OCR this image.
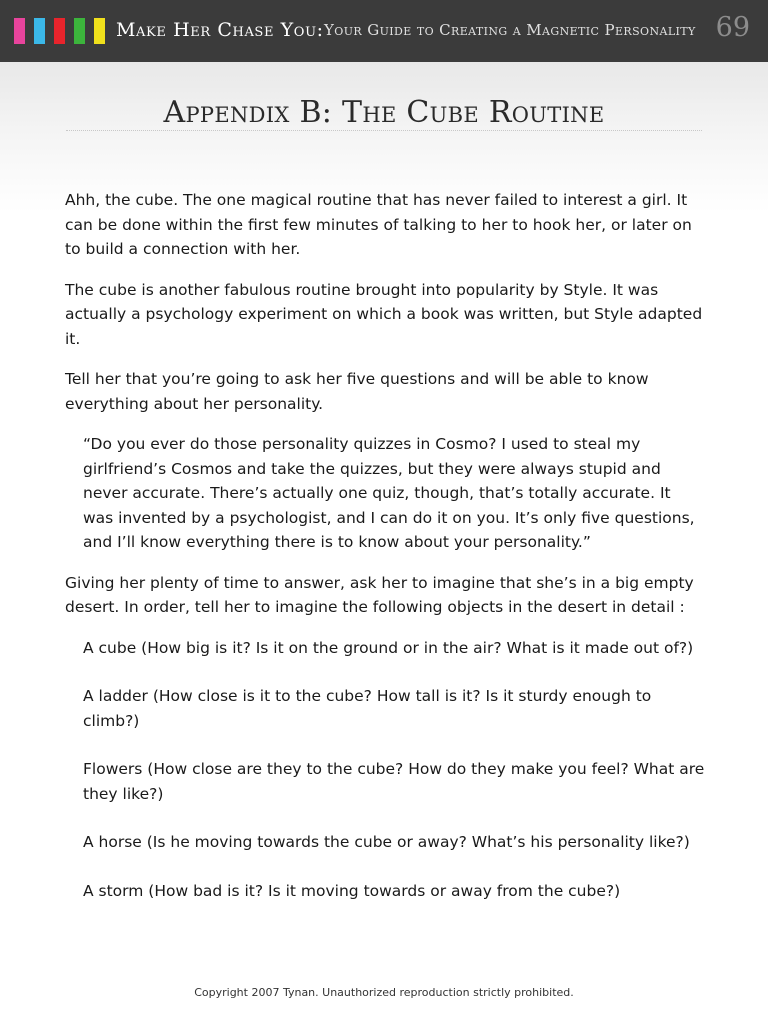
Make Her Chase You: Your Guide to Creating a Magnetic Personality 69
Appendix B: The Cube Routine

Ahh, the cube. The one magical routine that has never failed to interest a girl. It can be done within the first few minutes of talking to her to hook her, or later on to build a connection with her.

The cube is another fabulous routine brought into popularity by Style. It was actually a psychology experiment on which a book was written, but Style adapted it.

Tell her that you’re going to ask her five questions and will be able to know everything about her personality.

“Do you ever do those personality quizzes in Cosmo? I used to steal my girlfriend’s Cosmos and take the quizzes, but they were always stupid and never accurate. There’s actually one quiz, though, that’s totally accurate. It was invented by a psychologist, and I can do it on you. It’s only five questions, and I’ll know everything there is to know about your personality.”

Giving her plenty of time to answer, ask her to imagine that she’s in a big empty desert. In order, tell her to imagine the following objects in the desert in detail :

A cube (How big is it? Is it on the ground or in the air? What is it made out of?)

A ladder (How close is it to the cube? How tall is it? Is it sturdy enough to climb?)

Flowers (How close are they to the cube? How do they make you feel? What are they like?)

A horse (Is he moving towards the cube or away? What’s his personality like?)

A storm (How bad is it? Is it moving towards or away from the cube?)

Copyright 2007 Tynan. Unauthorized reproduction strictly prohibited.
